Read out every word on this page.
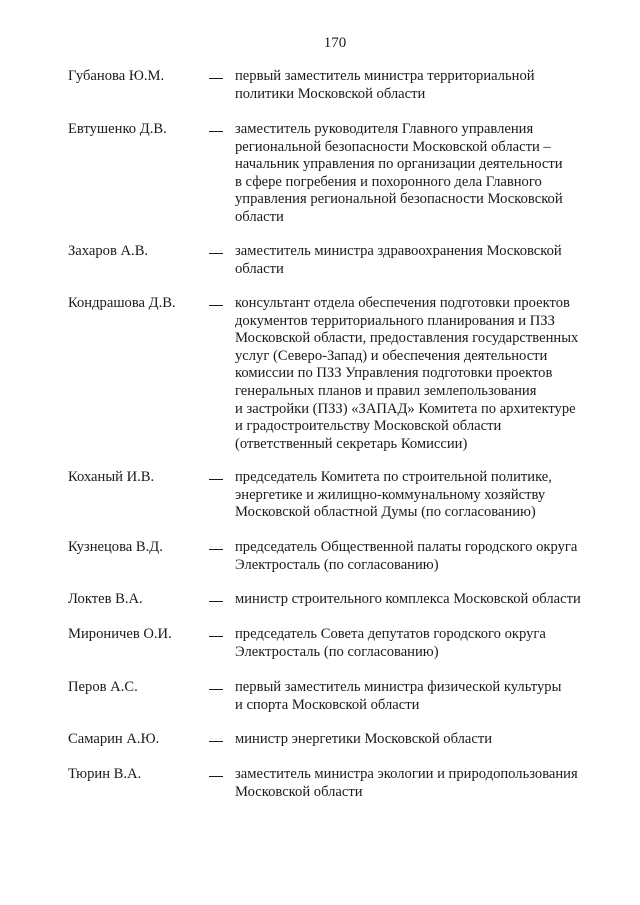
170
Губанова Ю.М.	первый заместитель министра территориальной
политики Московской области
Евтушенко Д.В.	заместитель руководителя Главного управления
региональной безопасности Московской области –
начальник управления по организации деятельности
в сфере погребения и похоронного дела Главного
управления региональной безопасности Московской
области
Захаров А.В.	заместитель министра здравоохранения Московской
области
Кондрашова Д.В.	консультант отдела обеспечения подготовки проектов
документов территориального планирования и ПЗЗ
Московской области, предоставления государственных
услуг (Северо-Запад) и обеспечения деятельности
комиссии по ПЗЗ Управления подготовки проектов
генеральных планов и правил землепользования
и застройки (ПЗЗ) «ЗАПАД» Комитета по архитектуре
и градостроительству Московской области
(ответственный секретарь Комиссии)
Коханый И.В.	председатель Комитета по строительной политике,
энергетике и жилищно-коммунальному хозяйству
Московской областной Думы (по согласованию)
Кузнецова В.Д.	председатель Общественной палаты городского округа
Электросталь (по согласованию)
Локтев В.А.	министр строительного комплекса Московской области
Мироничев О.И.	председатель Совета депутатов городского округа
Электросталь (по согласованию)
Перов А.С.	первый заместитель министра физической культуры
и спорта Московской области
Самарин А.Ю.	министр энергетики Московской области
Тюрин В.А.	заместитель министра экологии и природопользования
Московской области
